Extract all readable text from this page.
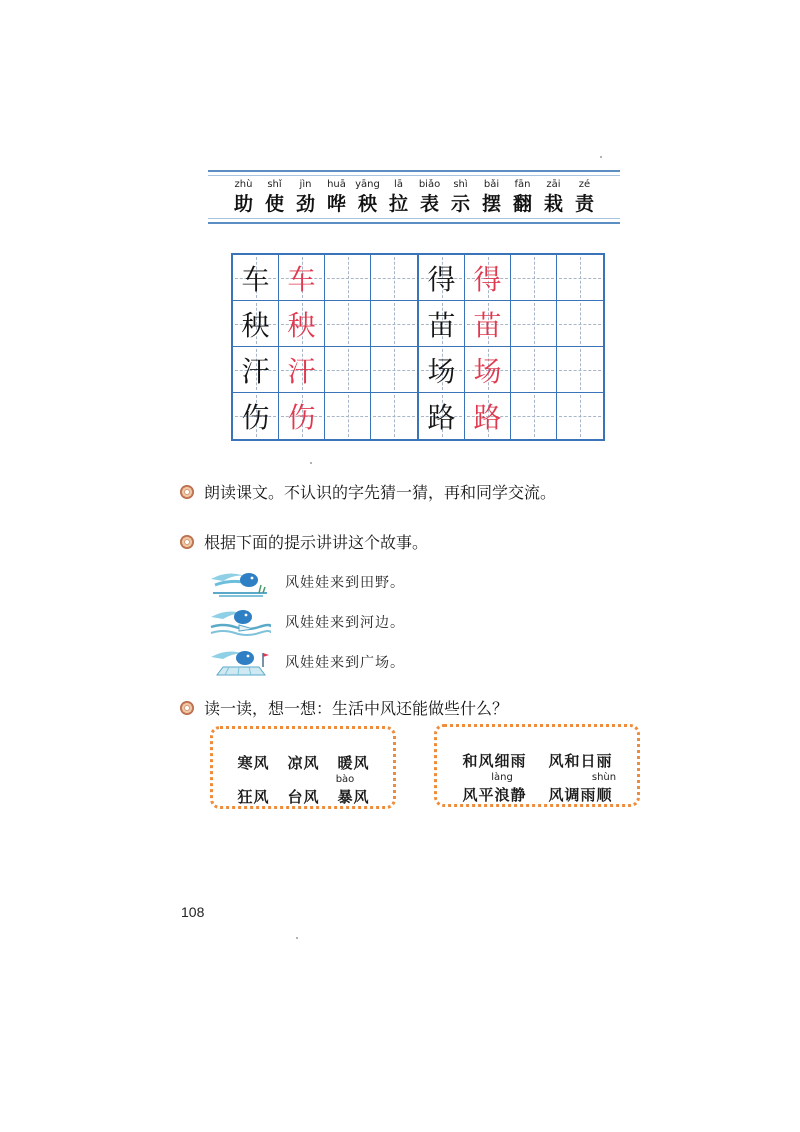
zhù
助
shǐ
使
jìn
劲
huā
哗
yāng
秧
lā
拉
biǎo
表
shì
示
bǎi
摆
fān
翻
zāi
栽
zé
责
车 车
秧 秧
汗 汗
伤 伤
得 得
苗 苗
场 场
路 路
朗读课文。不认识的字先猜一猜，再和同学交流。
根据下面的提示讲讲这个故事。
风娃娃来到田野。
风娃娃来到河边。
风娃娃来到广场。
读一读，想一想：生活中风还能做些什么？
寒 风 凉 风 暖 风
狂 风 台 风 暴
bào
风
和 风 细 雨 风 和 日 丽
风 平 浪
làng
静 风 调 雨 顺
shùn
108
